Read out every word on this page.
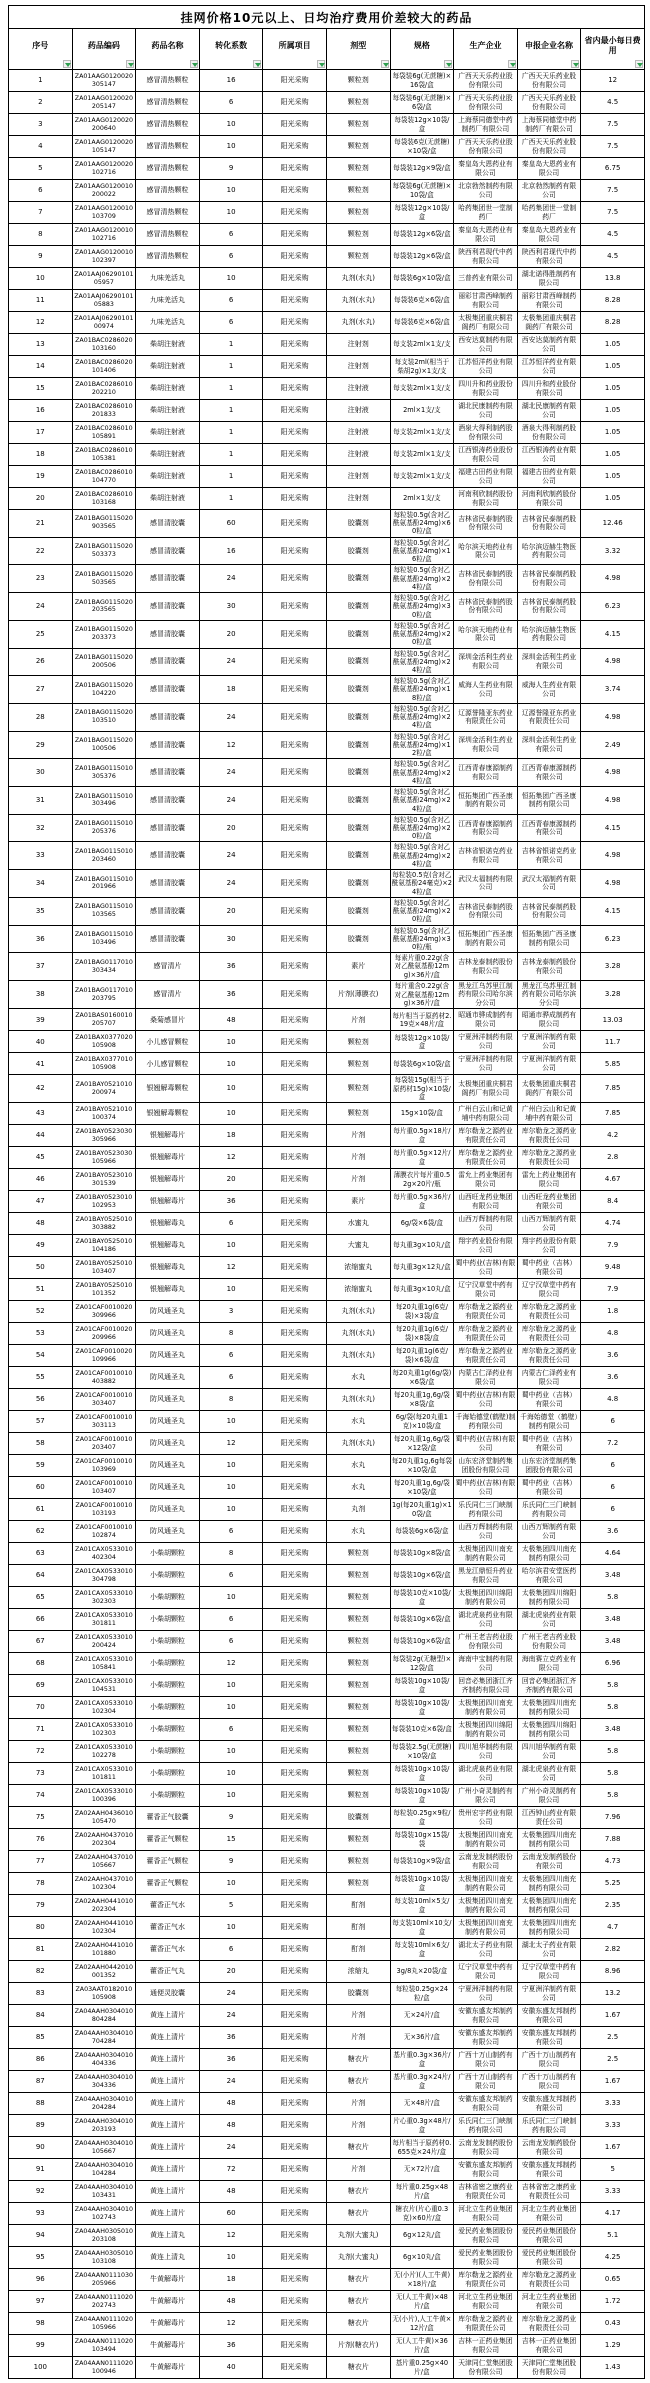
挂网价格10元以上、日均治疗费用价差较大的药品									
序号	药品编码	药品名称	转化系数	所属项目	剂型	规格	生产企业	申报企业名称	省内最小每日费用

1	ZA01AAG0120020305147	感冒清热颗粒	16	阳光采购	颗粒剂	每袋装6g(无蔗糖)×16袋/盒	广西天天乐药业股份有限公司	广西天天乐药业股份有限公司	12
2	ZA01AAG0120020205147	感冒清热颗粒	6	阳光采购	颗粒剂	每袋装6g(无蔗糖)×6袋/盒	广西天天乐药业股份有限公司	广西天天乐药业股份有限公司	4.5
3	ZA01AAG0120020200640	感冒清热颗粒	10	阳光采购	颗粒剂	每袋装12g×10袋/盒	上海蔡同德堂中药制药厂有限公司	上海蔡同德堂中药制药厂有限公司	7.5
4	ZA01AAG0120020105147	感冒清热颗粒	10	阳光采购	颗粒剂	每袋装6克(无蔗糖)×10袋/盒	广西天天乐药业股份有限公司	广西天天乐药业股份有限公司	7.5
5	ZA01AAG0120020102716	感冒清热颗粒	9	阳光采购	颗粒剂	每袋装12g×9袋/盒	秦皇岛大恩药业有限公司	秦皇岛大恩药业有限公司	6.75
6	ZA01AAG0120010200022	感冒清热颗粒	10	阳光采购	颗粒剂	每袋装6g(无蔗糖)×10袋/盒	北京勃然制药有限公司	北京勃然制药有限公司	7.5
7	ZA01AAG0120010103709	感冒清热颗粒	10	阳光采购	颗粒剂	每袋装12g×10袋/盒	哈药集团世一堂制药厂	哈药集团世一堂制药厂	7.5
8	ZA01AAG0120010102716	感冒清热颗粒	6	阳光采购	颗粒剂	每袋装12g×6袋/盒	秦皇岛大恩药业有限公司	秦皇岛大恩药业有限公司	4.5
9	ZA01AAG0120010102397	感冒清热颗粒	6	阳光采购	颗粒剂	每袋装12g×6袋/盒	陕西利君现代中药有限公司	陕西利君现代中药有限公司	4.5
10	ZA01AAJ0629010105957	九味羌活丸	10	阳光采购	丸剂(水丸)	每袋装6g×10袋/盒	三普药业有限公司	湖北诺得胜制药有限公司	13.8
11	ZA01AAJ0629010105883	九味羌活丸	6	阳光采购	丸剂(水丸)	每袋装6克×6袋/盒	丽彩甘肃西峰制药有限公司	丽彩甘肃西峰制药有限公司	8.28
12	ZA01AAJ0629010100974	九味羌活丸	6	阳光采购	丸剂(水丸)	每袋装6克×6袋/盒	太极集团重庆桐君阁药厂有限公司	太极集团重庆桐君阁药厂有限公司	8.28
13	ZA01BAC0286020103160	柴胡注射液	1	阳光采购	注射剂	每支装2ml×1支/支	西安达莫制药有限公司	西安达莫制药有限公司	1.05
14	ZA01BAC0286020101406	柴胡注射液	1	阳光采购	注射剂	每支装2ml(相当于柴胡2g)×1支/支	江苏恒洋药业有限公司	江苏恒洋药业有限公司	1.05
15	ZA01BAC0286010202210	柴胡注射液	1	阳光采购	注射液	每支装2ml×1支/支	四川升和药业股份有限公司	四川升和药业股份有限公司	1.05
16	ZA01BAC0286010201833	柴胡注射液	1	阳光采购	注射液	2ml×1支/支	湖北民康制药有限公司	湖北民康制药有限公司	1.05
17	ZA01BAC0286010105891	柴胡注射液	1	阳光采购	注射液	每支装2ml×1支/支	酒泉大得利制药股份有限公司	酒泉大得利制药股份有限公司	1.05
18	ZA01BAC0286010105381	柴胡注射液	1	阳光采购	注射液	每支装2ml×1支/支	江西银涛药业股份有限公司	江西银涛药业有限公司	1.05
19	ZA01BAC0286010104770	柴胡注射液	1	阳光采购	注射剂	每支装2ml×1支/支	福建古田药业有限公司	福建古田药业有限公司	1.05
20	ZA01BAC0286010103168	柴胡注射液	1	阳光采购	注射剂	2ml×1支/支	河南利欣制药股份有限公司	河南利欣制药股份有限公司	1.05
21	ZA01BAG0115020903565	感冒清胶囊	60	阳光采购	胶囊剂	每粒装0.5g(含对乙酰氨基酚24mg)×60粒/盒	吉林省民泰制药股份有限公司	吉林省民泰制药股份有限公司	12.46
22	ZA01BAG0115020503373	感冒清胶囊	16	阳光采购	胶囊剂	每粒装0.5g(含对乙酰氨基酚24mg)×16粒/盒	哈尔滨天地药业有限公司	哈尔滨迈赫生物医药有限公司	3.32
23	ZA01BAG0115020503565	感冒清胶囊	24	阳光采购	胶囊剂	每粒装0.5g(含对乙酰氨基酚24mg)×24粒/盒	吉林省民泰制药股份有限公司	吉林省民泰制药股份有限公司	4.98
24	ZA01BAG0115020203565	感冒清胶囊	30	阳光采购	胶囊剂	每粒装0.5g(含对乙酰氨基酚24mg)×30粒/盒	吉林省民泰制药股份有限公司	吉林省民泰制药股份有限公司	6.23
25	ZA01BAG0115020203373	感冒清胶囊	20	阳光采购	胶囊剂	每粒装0.5g(含对乙酰氨基酚24mg)×20粒/盒	哈尔滨天地药业有限公司	哈尔滨迈赫生物医药有限公司	4.15
26	ZA01BAG0115020200506	感冒清胶囊	24	阳光采购	胶囊剂	每粒装0.5g(含对乙酰氨基酚24mg)×24粒/盒	深圳金活利生药业有限公司	深圳金活利生药业有限公司	4.98
27	ZA01BAG0115020104220	感冒清胶囊	18	阳光采购	胶囊剂	每粒装0.5g(含对乙酰氨基酚24mg)×18粒/盒	威海人生药业有限公司	威海人生药业有限公司	3.74
28	ZA01BAG0115020103510	感冒清胶囊	24	阳光采购	胶囊剂	每粒装0.5g(含对乙酰氨基酚24mg)×24粒/盒	辽源誉隆亚东药业有限责任公司	辽源誉隆亚东药业有限责任公司	4.98
29	ZA01BAG0115020100506	感冒清胶囊	12	阳光采购	胶囊剂	每粒装0.5g(含对乙酰氨基酚24mg)×12粒/盒	深圳金活利生药业有限公司	深圳金活利生药业有限公司	2.49
30	ZA01BAG0115010305376	感冒清胶囊	24	阳光采购	胶囊剂	每粒装0.5g(含对乙酰氨基酚24mg)×24粒/盒	江西青春康源制药有限公司	江西青春康源制药有限公司	4.98
31	ZA01BAG0115010303496	感冒清胶囊	24	阳光采购	胶囊剂	每粒装0.5g(含对乙酰氨基酚24mg)×24粒/盒	恒拓集团广西圣康制药有限公司	恒拓集团广西圣康制药有限公司	4.98
32	ZA01BAG0115010205376	感冒清胶囊	20	阳光采购	胶囊剂	每粒装0.5g(含对乙酰氨基酚24mg)×20粒/盒	江西青春康源制药有限公司	江西青春康源制药有限公司	4.15
33	ZA01BAG0115010203460	感冒清胶囊	24	阳光采购	胶囊剂	每粒装0.5g(含对乙酰氨基酚24mg)×24粒/盒	吉林省银诺克药业有限公司	吉林省银诺克药业有限公司	4.98
34	ZA01BAG0115010201966	感冒清胶囊	24	阳光采购	胶囊剂	每粒装0.5克(含对乙酰氨基酚24毫克)×24粒/盒	武汉太福制药有限公司	武汉太福制药有限公司	4.98
35	ZA01BAG0115010103565	感冒清胶囊	20	阳光采购	胶囊剂	每粒装0.5g(含对乙酰氨基酚24mg)×20粒/盒	吉林省民泰制药股份有限公司	吉林省民泰制药股份有限公司	4.15
36	ZA01BAG0115010103496	感冒清胶囊	30	阳光采购	胶囊剂	每粒装0.5g(含对乙酰氨基酚24mg)×30粒/瓶	恒拓集团广西圣康制药有限公司	恒拓集团广西圣康制药有限公司	6.23
37	ZA01BAG0117010303434	感冒清片	36	阳光采购	素片	每素片重0.22g(含对乙酰氨基酚12mg)×36片/盒	吉林龙泰制药股份有限公司	吉林龙泰制药股份有限公司	3.28
38	ZA01BAG0117010203795	感冒清片	36	阳光采购	片剂(薄膜衣)	每片重含0.22g(含对乙酰氨基酚12mg)×36片/盒	黑龙江乌苏里江制药有限公司哈尔滨分公司	黑龙江乌苏里江制药有限公司哈尔滨分公司	3.28
39	ZA01BAS0160010205707	桑菊感冒片	48	阳光采购	片剂	每片相当于原药材2.19克×48片/盒	昭通市骅成制药有限公司	昭通市骅成制药有限公司	13.03
40	ZA01BAX0377020105908	小儿感冒颗粒	10	阳光采购	颗粒剂	每袋装12g×10袋/盒	宁夏洲洋制药有限公司	宁夏洲洋制药有限公司	11.7
41	ZA01BAX0377010105908	小儿感冒颗粒	10	阳光采购	颗粒剂	每袋装6g×10袋/盒	宁夏洲洋制药有限公司	宁夏洲洋制药有限公司	5.85
42	ZA01BAY0521010200974	银翘解毒颗粒	10	阳光采购	颗粒剂	每袋装15g(相当于原药材15g)×10袋/盒	太极集团重庆桐君阁药厂有限公司	太极集团重庆桐君阁药厂有限公司	7.85
43	ZA01BAY0521010100374	银翘解毒颗粒	10	阳光采购	颗粒剂	15g×10袋/盒	广州白云山和记黄埔中药有限公司	广州白云山和记黄埔中药有限公司	7.85
44	ZA01BAY0523030305966	银翘解毒片	18	阳光采购	片剂	每片重0.5g×18片/盒	库尔勒龙之源药业有限责任公司	库尔勒龙之源药业有限责任公司	4.2
45	ZA01BAY0523030105966	银翘解毒片	12	阳光采购	片剂	每片重0.5g×12片/盒	库尔勒龙之源药业有限责任公司	库尔勒龙之源药业有限责任公司	2.8
46	ZA01BAY0523010301539	银翘解毒片	20	阳光采购	片剂	薄膜衣片每片重0.52g×20片/瓶	雷允上药业集团有限公司	雷允上药业集团有限公司	4.67
47	ZA01BAY0523010102953	银翘解毒片	36	阳光采购	素片	每片重0.5g×36片/盒	山西旺龙药业集团有限公司	山西旺龙药业集团有限公司	8.4
48	ZA01BAY0525010303882	银翘解毒丸	6	阳光采购	水蜜丸	6g/袋×6袋/盒	山西万辉制药有限公司	山西万辉制药有限公司	4.74
49	ZA01BAY0525010104186	银翘解毒丸	10	阳光采购	大蜜丸	每丸重3g×10丸/盒	翔宇药业股份有限公司	翔宇药业股份有限公司	7.9
50	ZA01BAY0525010103407	银翘解毒丸	12	阳光采购	浓缩蜜丸	每丸重3g×12丸/盒	蜀中药业(吉林)有限公司	蜀中药业（吉林）有限公司	9.48
51	ZA01BAY0525010101352	银翘解毒丸	10	阳光采购	浓缩蜜丸	每丸重3g×10丸/盒	辽宁汉草堂中药有限公司	辽宁汉草堂中药有限公司	7.9
52	ZA01CAF0010020309966	防风通圣丸	3	阳光采购	丸剂(水丸)	每20丸重1g(6克/袋)×3袋/盒	库尔勒龙之源药业有限责任公司	库尔勒龙之源药业有限责任公司	1.8
53	ZA01CAF0010020209966	防风通圣丸	8	阳光采购	丸剂(水丸)	每20丸重1g(6克/袋)×8袋/盒	库尔勒龙之源药业有限责任公司	库尔勒龙之源药业有限责任公司	4.8
54	ZA01CAF0010020109966	防风通圣丸	6	阳光采购	丸剂(水丸)	每20丸重1g(6克/袋)×6袋/盒	库尔勒龙之源药业有限责任公司	库尔勒龙之源药业有限责任公司	3.6
55	ZA01CAF0010010403882	防风通圣丸	6	阳光采购	水丸	每20丸重1g(6g/袋)×6袋/盒	内蒙古仁泽药业有限公司	内蒙古仁泽药业有限公司	3.6
56	ZA01CAF0010010303407	防风通圣丸	8	阳光采购	丸剂(水丸)	每20丸重1g,6g/袋×8袋/盒	蜀中药业(吉林)有限公司	蜀中药业（吉林）有限公司	4.8
57	ZA01CAF0010010303113	防风通圣丸	10	阳光采购	水丸	6g/袋(每20丸重1克)×10袋/盒	千海始德堂(鹤壁)制药有限公司	千海始德堂（鹤壁）制药有限公司	6
58	ZA01CAF0010010203407	防风通圣丸	12	阳光采购	丸剂(水丸)	每20丸重1g,6g/袋×12袋/盒	蜀中药业(吉林)有限公司	蜀中药业（吉林）有限公司	7.2
59	ZA01CAF0010010103969	防风通圣丸	10	阳光采购	水丸	每20丸重1g,6g每袋×10袋/盒	山东宏济堂制药集团股份有限公司	山东宏济堂制药集团股份有限公司	6
60	ZA01CAF0010010103407	防风通圣丸	10	阳光采购	水丸	每20丸重1g,6g/袋×10袋/盒	蜀中药业(吉林)有限公司	蜀中药业（吉林）有限公司	6
61	ZA01CAF0010010103193	防风通圣丸	10	阳光采购	丸剂	1g(每20丸重1g)×10袋/盒	乐氏同仁三门峡制药有限公司	乐氏同仁三门峡制药有限公司	6
62	ZA01CAF0010010102874	防风通圣丸	6	阳光采购	水丸	每袋装6g×6袋/盒	山西万辉制药有限公司	山西万辉制药有限公司	3.6
63	ZA01CAX0533010402304	小柴胡颗粒	8	阳光采购	颗粒剂	每袋装10g×8袋/盒	太极集团四川南充制药有限公司	太极集团四川南充制药有限公司	4.64
64	ZA01CAX0533010304798	小柴胡颗粒	6	阳光采购	颗粒剂	每袋装10g×6袋/盒	黑龙江鼎恒升药业有限公司	哈尔滨君安堂医药有限公司	3.48
65	ZA01CAX0533010302303	小柴胡颗粒	10	阳光采购	颗粒剂	每袋装10克×10袋/盒	太极集团四川绵阳制药有限公司	太极集团四川绵阳制药有限公司	5.8
66	ZA01CAX0533010301811	小柴胡颗粒	6	阳光采购	颗粒剂	每袋装10g×6袋/盒	湖北虎泉药业有限公司	湖北虎泉药业有限公司	3.48
67	ZA01CAX0533010200424	小柴胡颗粒	6	阳光采购	颗粒剂	每袋装10g×6袋/盒	广州王老吉药业股份有限公司	广州王老吉药业股份有限公司	3.48
68	ZA01CAX0533010105841	小柴胡颗粒	12	阳光采购	颗粒剂	每袋装2g(无糖型)×12袋/盒	海南中宝制药有限公司	海南赛立克药业有限公司	6.96
69	ZA01CAX0533010104531	小柴胡颗粒	10	阳光采购	颗粒剂	每袋装10g×10袋/盒	回音必集团浙江齐齐制药有限公司	回音必集团浙江齐齐制药有限公司	5.8
70	ZA01CAX0533010102304	小柴胡颗粒	10	阳光采购	颗粒剂	每袋装10g×10袋/盒	太极集团四川南充制药有限公司	太极集团四川南充制药有限公司	5.8
71	ZA01CAX0533010102303	小柴胡颗粒	6	阳光采购	颗粒剂	每袋装10克×6袋/盒	太极集团四川绵阳制药有限公司	太极集团四川绵阳制药有限公司	3.48
72	ZA01CAX0533010102278	小柴胡颗粒	10	阳光采购	颗粒剂	每袋装2.5g(无蔗糖)×10袋/盒	四川旭华制药有限公司	四川旭华制药有限公司	5.8
73	ZA01CAX0533010101811	小柴胡颗粒	10	阳光采购	颗粒剂	每袋装10g×10袋/盒	湖北虎泉药业有限公司	湖北虎泉药业有限公司	5.8
74	ZA01CAX0533010100396	小柴胡颗粒	10	阳光采购	颗粒剂	每袋装10g×10袋/盒	广州小奇灵制药有限公司	广州小奇灵制药有限公司	5.8
75	ZA02AAH0436010105470	藿香正气胶囊	9	阳光采购	胶囊剂	每粒装0.25g×9粒/盒	贵州宏宇药业有限公司	江西钟山药业有限责任公司	7.96
76	ZA02AAH0437010202304	藿香正气颗粒	15	阳光采购	颗粒剂	每袋装10g×15袋/袋	太极集团四川南充制药有限公司	太极集团四川南充制药有限公司	7.88
77	ZA02AAH0437010105667	藿香正气颗粒	9	阳光采购	颗粒剂	每袋装10g×9袋/盒	云南龙发制药股份有限公司	云南龙发制药股份有限公司	4.73
78	ZA02AAH0437010102304	藿香正气颗粒	10	阳光采购	颗粒剂	每袋装10g×10袋/盒	太极集团四川南充制药有限公司	太极集团四川南充制药有限公司	5.25
79	ZA02AAH0441010202304	藿香正气水	5	阳光采购	酊剂	每支装10ml×5支/盒	太极集团四川南充制药有限公司	太极集团四川南充制药有限公司	2.35
80	ZA02AAH0441010102304	藿香正气水	10	阳光采购	酊剂	每支装10ml×10支/盒	太极集团四川南充制药有限公司	太极集团四川南充制药有限公司	4.7
81	ZA02AAH0441010101880	藿香正气水	6	阳光采购	酊剂	每支装10ml×6支/盒	湖北太子药业有限公司	湖北太子药业有限公司	2.82
82	ZA02AAH0442010001352	藿香正气丸	20	阳光采购	浓缩丸	3g/8丸×20袋/盒	辽宁汉草堂中药有限公司	辽宁汉草堂中药有限公司	8.96
83	ZA03AAT0182010105908	通便灵胶囊	24	阳光采购	胶囊剂	每粒装0.25g×24粒/盒	宁夏洲洋制药有限公司	宁夏洲洋制药有限公司	13.2
84	ZA04AAH0304010804284	黄连上清片	24	阳光采购	片剂	无×24片/盒	安徽东盛友邦制药有限公司	安徽东盛友邦制药有限公司	1.67
85	ZA04AAH0304010704284	黄连上清片	36	阳光采购	片剂	无×36片/盒	安徽东盛友邦制药有限公司	安徽东盛友邦制药有限公司	2.5
86	ZA04AAH0304010404336	黄连上清片	36	阳光采购	糖衣片	基片重0.3g×36片/盒	广西十万山制药有限公司	广西十万山制药有限公司	2.5
87	ZA04AAH0304010304336	黄连上清片	24	阳光采购	糖衣片	基片重0.3g×24片/盒	广西十万山制药有限公司	广西十万山制药有限公司	1.67
88	ZA04AAH0304010204284	黄连上清片	48	阳光采购	片剂	无×48片/盒	安徽东盛友邦制药有限公司	安徽东盛友邦制药有限公司	3.33
89	ZA04AAH0304010203193	黄连上清片	48	阳光采购	片剂	片心重0.3g×48片/盒	乐氏同仁三门峡制药有限公司	乐氏同仁三门峡制药有限公司	3.33
90	ZA04AAH0304010105667	黄连上清片	24	阳光采购	糖衣片	每片相当于原药材0.655克×24片/盒	云南龙发制药股份有限公司	云南龙发制药股份有限公司	1.67
91	ZA04AAH0304010104284	黄连上清片	72	阳光采购	片剂	无×72片/盒	安徽东盛友邦制药有限公司	安徽东盛友邦制药有限公司	5
92	ZA04AAH0304010103431	黄连上清片	48	阳光采购	糖衣片	每片重0.25g×48片/盒	吉林省密之康药业有限责任公司	吉林省密之康药业有限责任公司	3.33
93	ZA04AAH0304010102743	黄连上清片	60	阳光采购	糖衣片	糖衣片(片心重0.3克)×60片/盒	河北立生药业集团有限公司	河北立生药业集团有限公司	4.17
94	ZA04AAH0305010203108	黄连上清丸	12	阳光采购	丸剂(大蜜丸)	6g×12丸/盒	爱民药业集团股份有限公司	爱民药业集团股份有限公司	5.1
95	ZA04AAH0305010103108	黄连上清丸	10	阳光采购	丸剂(大蜜丸)	6g×10丸/盒	爱民药业集团股份有限公司	爱民药业集团股份有限公司	4.25
96	ZA04AAN0111030205966	牛黄解毒片	18	阳光采购	糖衣片	无(小片)(人工牛黄)×18片/盒	库尔勒龙之源药业有限责任公司	库尔勒龙之源药业有限责任公司	0.65
97	ZA04AAN0111020202743	牛黄解毒片	48	阳光采购	糖衣片	无(人工牛黄)×48片/盒	河北立生药业集团有限公司	河北立生药业集团有限公司	1.72
98	ZA04AAN0111020105966	牛黄解毒片	12	阳光采购	糖衣片	无(小片),人工牛黄×12片/盒	库尔勒龙之源药业有限责任公司	库尔勒龙之源药业有限责任公司	0.43
99	ZA04AAN0111020103494	牛黄解毒片	36	阳光采购	片剂(糖衣片)	无(人工牛黄)×36片/盒	吉林一正药业集团有限公司	吉林一正药业集团有限公司	1.29
100	ZA04AAN0111020100946	牛黄解毒片	40	阳光采购	糖衣片	基片重0.25g×40片/盒	天津同仁堂集团股份有限公司	天津同仁堂集团股份有限公司	1.43
